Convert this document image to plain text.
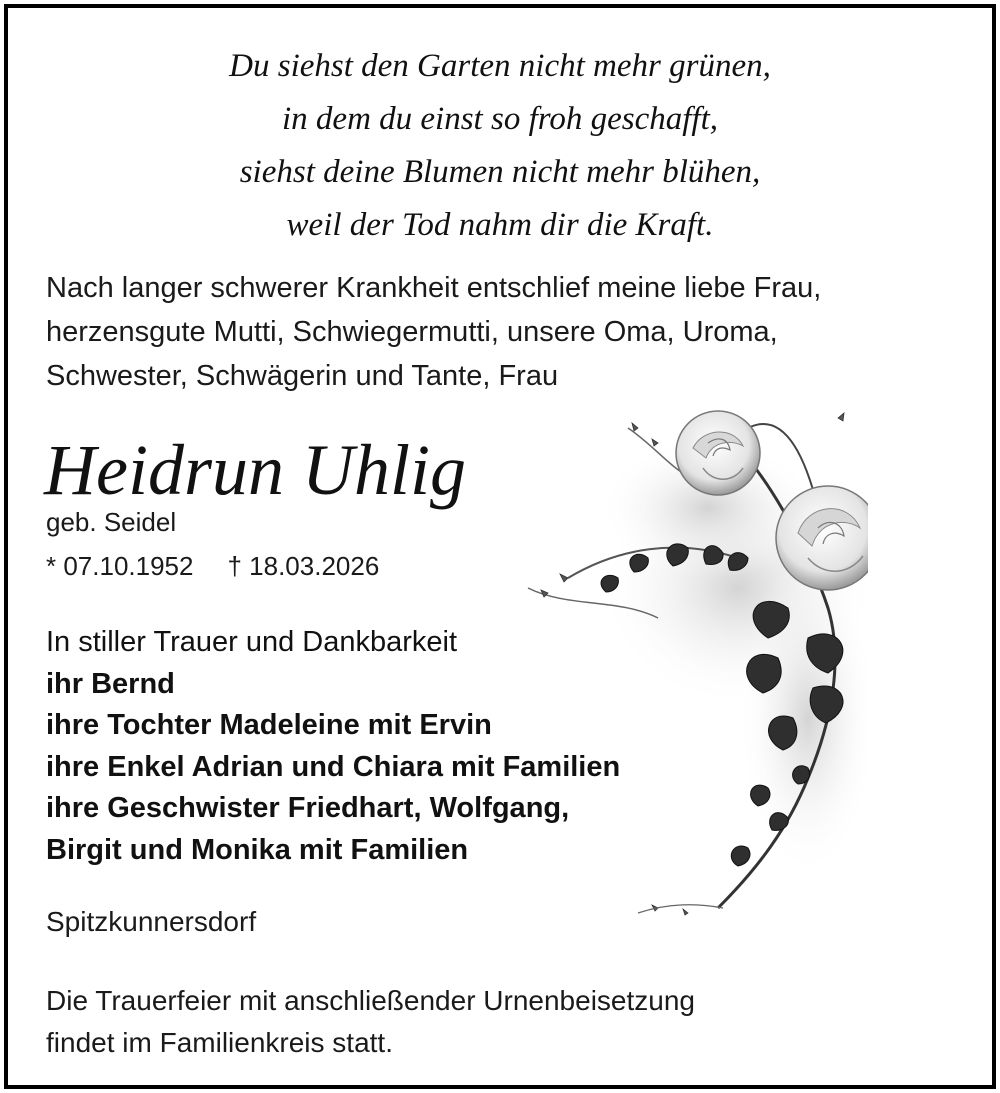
Du siehst den Garten nicht mehr grünen,
in dem du einst so froh geschafft,
siehst deine Blumen nicht mehr blühen,
weil der Tod nahm dir die Kraft.
Nach langer schwerer Krankheit entschlief meine liebe Frau,
herzensgute Mutti, Schwiegermutti, unsere Oma, Uroma,
Schwester, Schwägerin und Tante, Frau
Heidrun Uhlig
geb. Seidel
* 07.10.1952 † 18.03.2026
In stiller Trauer und Dankbarkeit
ihr Bernd
ihre Tochter Madeleine mit Ervin
ihre Enkel Adrian und Chiara mit Familien
ihre Geschwister Friedhart, Wolfgang,
Birgit und Monika mit Familien
Spitzkunnersdorf
Die Trauerfeier mit anschließender Urnenbeisetzung
findet im Familienkreis statt.
